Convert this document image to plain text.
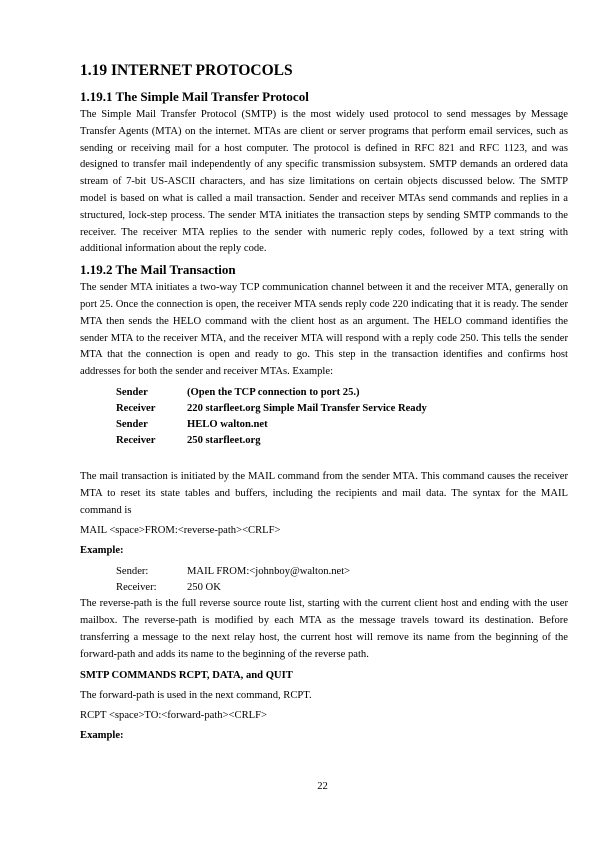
1.19 INTERNET PROTOCOLS
1.19.1 The Simple Mail Transfer Protocol

The Simple Mail Transfer Protocol (SMTP) is the most widely used protocol to send messages by Message Transfer Agents (MTA) on the internet. MTAs are client or server programs that perform email services, such as sending or receiving mail for a host computer. The protocol is defined in RFC 821 and RFC 1123, and was designed to transfer mail independently of any specific transmission subsystem. SMTP demands an ordered data stream of 7-bit US-ASCII characters, and has size limitations on certain objects discussed below. The SMTP model is based on what is called a mail transaction. Sender and receiver MTAs send commands and replies in a structured, lock-step process. The sender MTA initiates the transaction steps by sending SMTP commands to the receiver. The receiver MTA replies to the sender with numeric reply codes, followed by a text string with additional information about the reply code.

1.19.2 The Mail Transaction

The sender MTA initiates a two-way TCP communication channel between it and the receiver MTA, generally on port 25. Once the connection is open, the receiver MTA sends reply code 220 indicating that it is ready. The sender MTA then sends the HELO command with the client host as an argument. The HELO command identifies the sender MTA to the receiver MTA, and the receiver MTA will respond with a reply code 250. This tells the sender MTA that the connection is open and ready to go. This step in the transaction identifies and confirms host addresses for both the sender and receiver MTAs. Example:

Sender	(Open the TCP connection to port 25.)
Receiver	220 starfleet.org Simple Mail Transfer Service Ready
Sender	HELO walton.net
Receiver	250 starfleet.org

The mail transaction is initiated by the MAIL command from the sender MTA. This command causes the receiver MTA to reset its state tables and buffers, including the recipients and mail data. The syntax for the MAIL command is

MAIL <space>FROM:<reverse-path><CRLF>

Example:

Sender:	MAIL FROM:<johnboy@walton.net>
Receiver:	250 OK

The reverse-path is the full reverse source route list, starting with the current client host and ending with the user mailbox. The reverse-path is modified by each MTA as the message travels toward its destination. Before transferring a message to the next relay host, the current host will remove its name from the beginning of the forward-path and adds its name to the beginning of the reverse path.

SMTP COMMANDS RCPT, DATA, and QUIT

The forward-path is used in the next command, RCPT.

RCPT <space>TO:<forward-path><CRLF>

Example:

22
